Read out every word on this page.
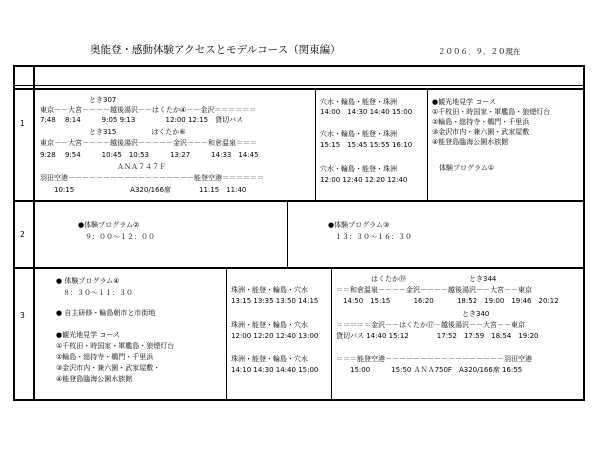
奥能登・感動体験アクセスとモデルコース（関東編）	２００６．９．２０現在
1
2
3
　　　　　　　とき307
東京－－大宮－－－－越後湯沢－－はくたか④－－金沢＝＝＝＝＝＝
7:48　 8:14　　　9:05 9:13　　　　 12:00 12:15　貸切バス
　　　　　　　とき315　　　　　はくたか⑥
東京－－大宮－－－－越後湯沢－－－－－金沢－－－和倉温泉＝＝＝
9:28　 9:54　　　10:45　10:53　　　13:27　　　14:33　14:45
　　　　　　　　　　　ＡＮＡ７４７Ｆ
羽田空港－－－－－－－－－－－－－－－－－－能登空港＝＝＝＝＝＝
　　10:15　　　　　　　　A320/166席　　　　11:15　11:40
穴水・輪島・能登・珠洲
14:00　14:30 14:40 15:00
穴水・輪島・能登・珠洲
15:15　15:45 15:55 16:10
穴水・輪島・能登・珠洲
12:00 12:40 12:20 12:40
●観光地見学 コース
①千枚田・時国家・軍艦島・狼煙灯台
②輪島・総持寺・鵜門・千里浜
③金沢市内・兼六園・武家屋敷
④能登島臨海公園水族館
　体験プログラム①
●体験プログラム②
　９：００～１２：００
●体験プログラム③
　１３：３０～１６：３０
● 体験プログラム④
　８：３０～１１：３０
● 自主研修・輪島朝市と市街地
●観光地見学 コース
①千枚田・時国家・軍艦島・狼煙灯台
②輪島・総持寺・鵜門・千里浜
③金沢市内・兼六園・武家屋敷・
④能登島臨海公園水族館
珠洲・能登・輪島・穴水
13:15 13:35 13:50 14:15
珠洲・能登・輪島・穴水
12:00 12:20 12:40 13:00
珠洲・能登・輪島・穴水
14:10 14:30 14:40 15:00
　　　　　はくたか⑲　　　　　　　　　とき344
＝＝和倉温泉－－－－金沢－－－－越後湯沢－－大宮－－東京
　14:50　15:15　　　 16:20　　　 18:52　19:00　19:46　20:12
　　　　　　　　　　　　　　　　　　とき340
＝＝＝＝＝金沢－－はくたか⑰－越後湯沢－－大宮－－東京
貸切バス 14:40 15:12　　　　17:52　17:59　18:54　19:20
＝＝＝能登空港－－－－－－－－－－－－－－－－－羽田空港
　　15:00　　　15:50 ＡＮＡ750F　A320/166席 16:55
